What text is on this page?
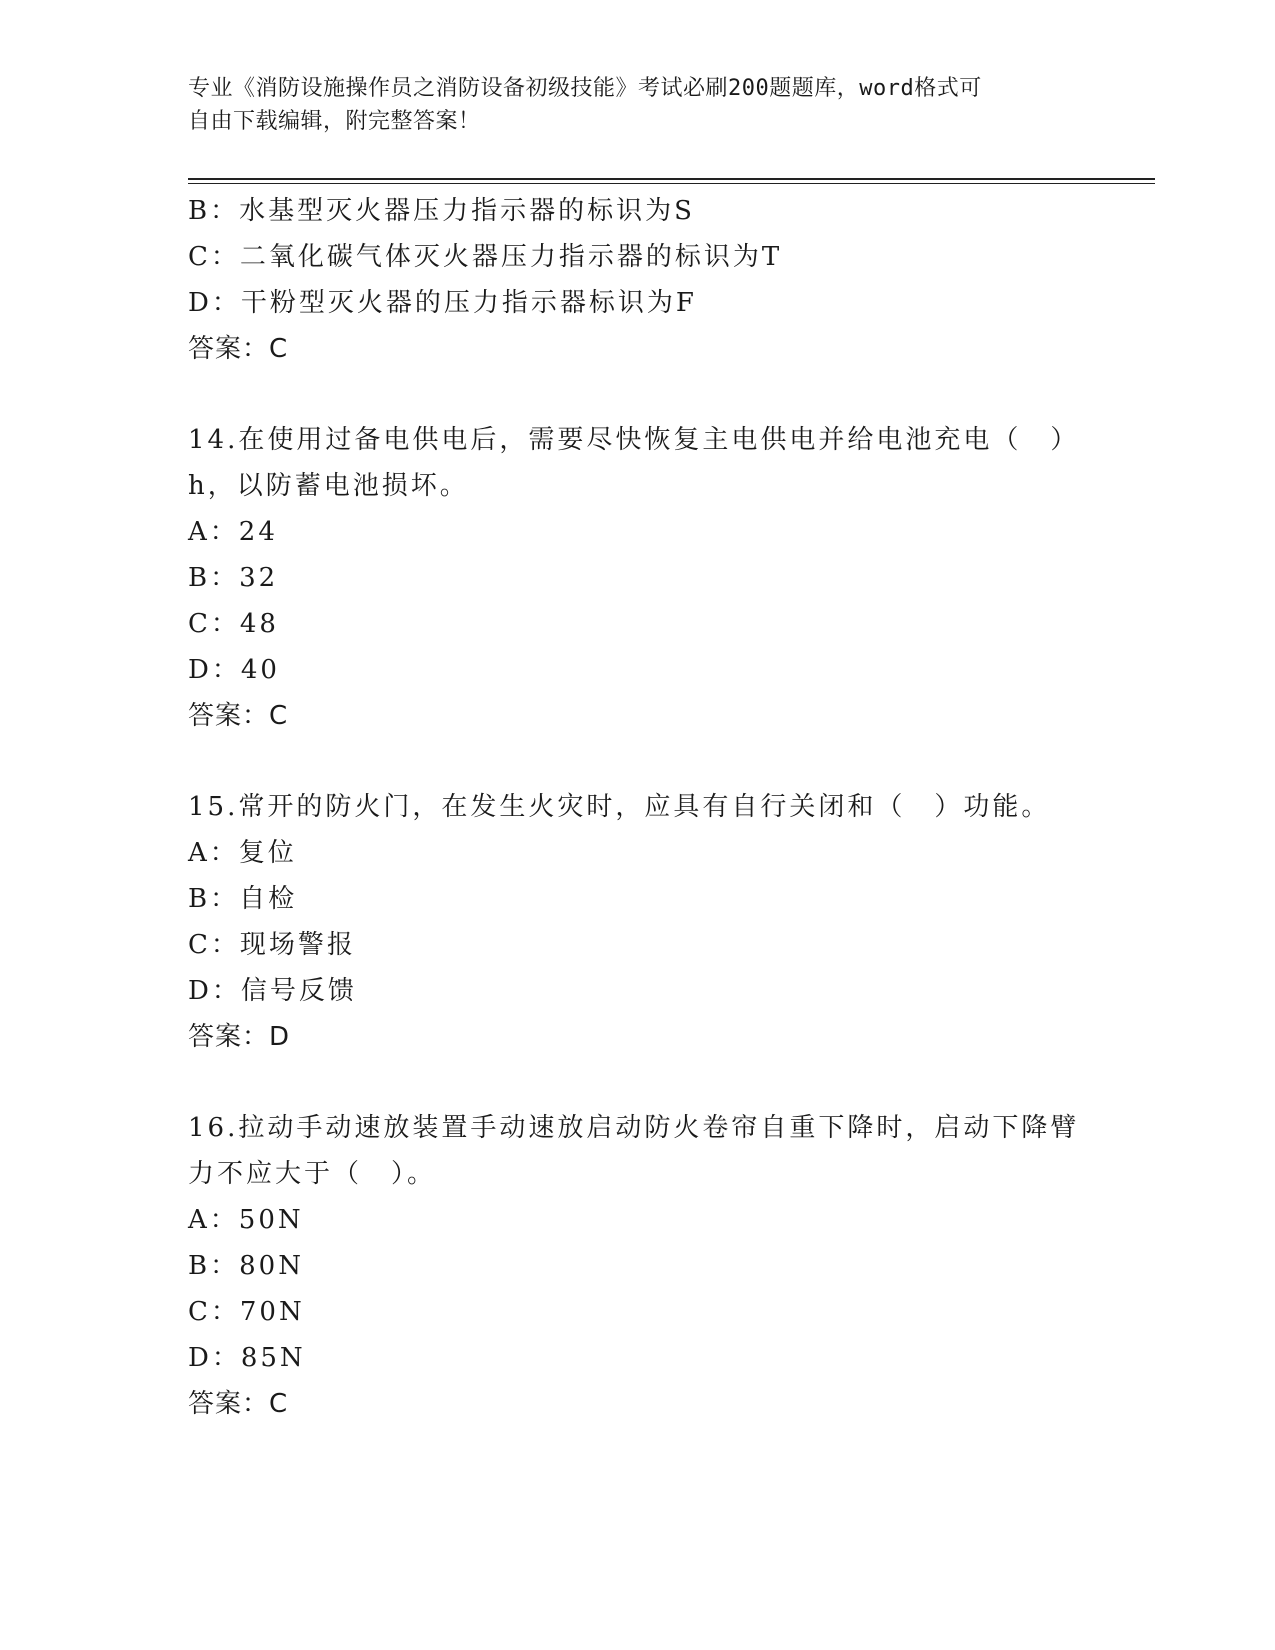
专业《消防设施操作员之消防设备初级技能》考试必刷200题题库，word格式可
自由下载编辑，附完整答案！
B：水基型灭火器压力指示器的标识为S
C：二氧化碳气体灭火器压力指示器的标识为T
D：干粉型灭火器的压力指示器标识为F
答案：C
14.在使用过备电供电后，需要尽快恢复主电供电并给电池充电（　）
h，以防蓄电池损坏。
A：24
B：32
C：48
D：40
答案：C
15.常开的防火门，在发生火灾时，应具有自行关闭和（　）功能。
A：复位
B：自检
C：现场警报
D：信号反馈
答案：D
16.拉动手动速放装置手动速放启动防火卷帘自重下降时，启动下降臂
力不应大于（　）。
A：50N
B：80N
C：70N
D：85N
答案：C
